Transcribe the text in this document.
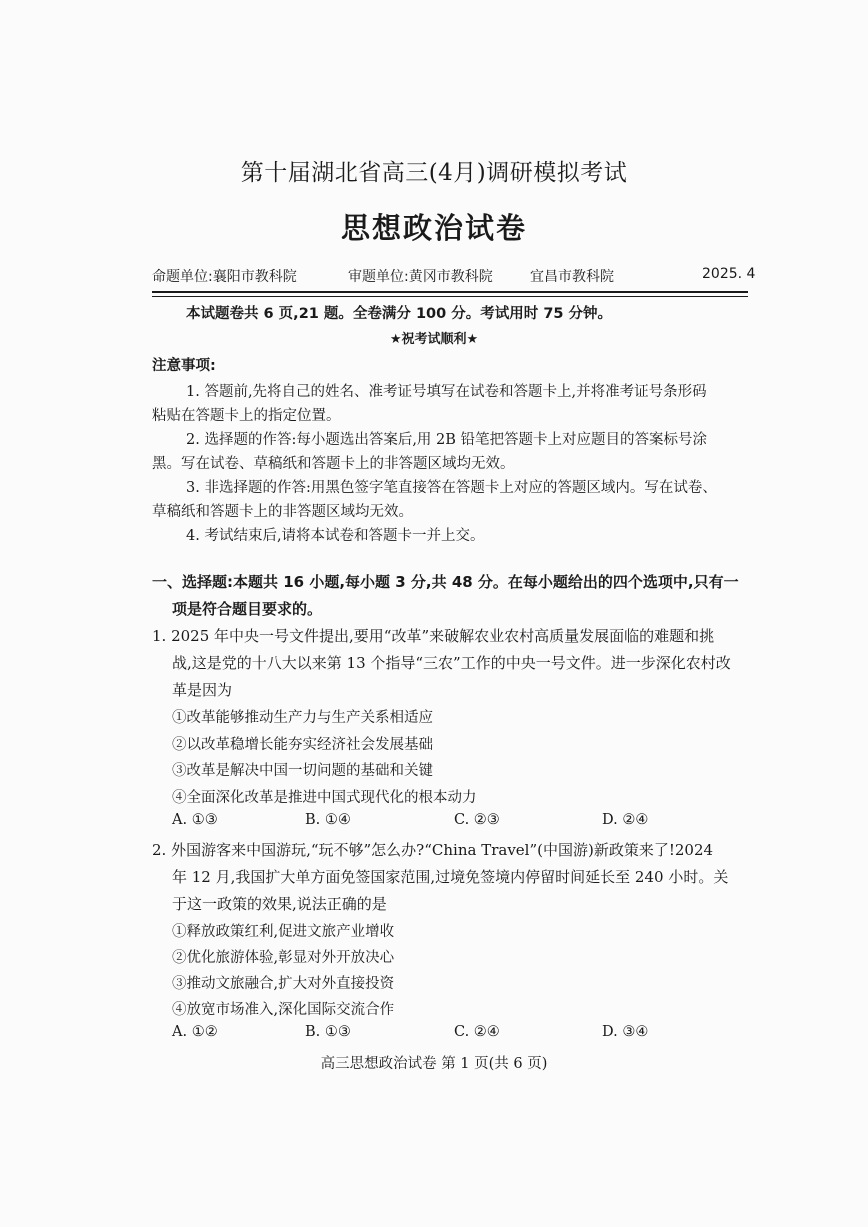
第十届湖北省高三(4月)调研模拟考试
思想政治试卷
命题单位:襄阳市教科院	审题单位:黄冈市教科院	宜昌市教科院	2025. 4
本试题卷共 6 页,21 题。全卷满分 100 分。考试用时 75 分钟。
★祝考试顺利★
注意事项:
1. 答题前,先将自己的姓名、准考证号填写在试卷和答题卡上,并将准考证号条形码
粘贴在答题卡上的指定位置。
2. 选择题的作答:每小题选出答案后,用 2B 铅笔把答题卡上对应题目的答案标号涂
黑。写在试卷、草稿纸和答题卡上的非答题区域均无效。
3. 非选择题的作答:用黑色签字笔直接答在答题卡上对应的答题区域内。写在试卷、
草稿纸和答题卡上的非答题区域均无效。
4. 考试结束后,请将本试卷和答题卡一并上交。
一、选择题:本题共 16 小题,每小题 3 分,共 48 分。在每小题给出的四个选项中,只有一
项是符合题目要求的。
1. 2025 年中央一号文件提出,要用“改革”来破解农业农村高质量发展面临的难题和挑
战,这是党的十八大以来第 13 个指导“三农”工作的中央一号文件。进一步深化农村改
革是因为
①改革能够推动生产力与生产关系相适应
②以改革稳增长能夯实经济社会发展基础
③改革是解决中国一切问题的基础和关键
④全面深化改革是推进中国式现代化的根本动力
A. ①③	B. ①④	C. ②③	D. ②④
2. 外国游客来中国游玩,“玩不够”怎么办?“China Travel”(中国游)新政策来了!2024
年 12 月,我国扩大单方面免签国家范围,过境免签境内停留时间延长至 240 小时。关
于这一政策的效果,说法正确的是
①释放政策红利,促进文旅产业增收
②优化旅游体验,彰显对外开放决心
③推动文旅融合,扩大对外直接投资
④放宽市场准入,深化国际交流合作
A. ①②	B. ①③	C. ②④	D. ③④
高三思想政治试卷 第 1 页(共 6 页)
